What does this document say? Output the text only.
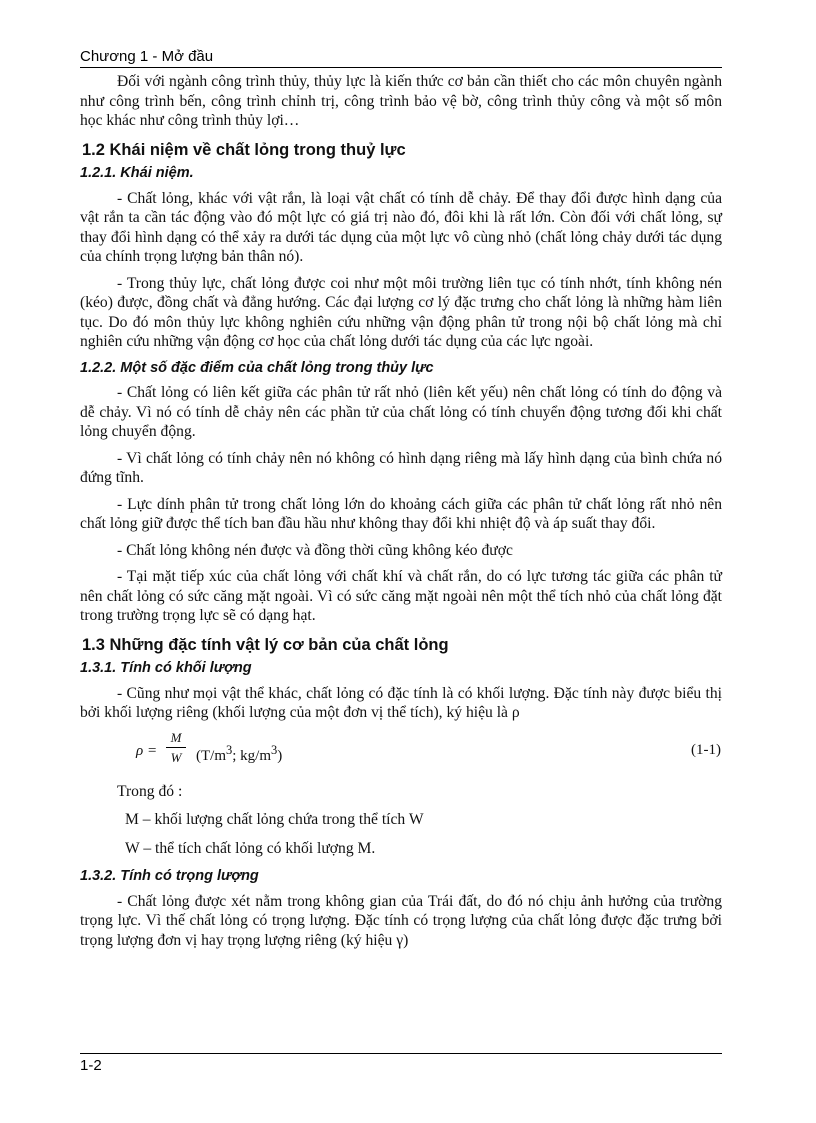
Chương 1 - Mở đầu

Đối với ngành công trình thủy, thủy lực là kiến thức cơ bản cần thiết cho các môn chuyên ngành như công trình bến, công trình chỉnh trị, công trình bảo vệ bờ, công trình thủy công và một số môn học khác như công trình thủy lợi…

1.2 Khái niệm về chất lỏng trong thuỷ lực
1.2.1. Khái niệm.

- Chất lỏng, khác với vật rắn, là loại vật chất có tính dễ chảy. Để thay đổi được hình dạng của vật rắn ta cần tác động vào đó một lực có giá trị nào đó, đôi khi là rất lớn. Còn đối với chất lỏng, sự thay đổi hình dạng có thể xảy ra dưới tác dụng của một lực vô cùng nhỏ (chất lỏng chảy dưới tác dụng của chính trọng lượng bản thân nó).

- Trong thủy lực, chất lỏng được coi như một môi trường liên tục có tính nhớt, tính không nén (kéo) được, đồng chất và đẳng hướng. Các đại lượng cơ lý đặc trưng cho chất lỏng là những hàm liên tục. Do đó môn thủy lực không nghiên cứu những vận động phân tử trong nội bộ chất lỏng mà chỉ nghiên cứu những vận động cơ học của chất lỏng dưới tác dụng của các lực ngoài.

1.2.2. Một số đặc điểm của chất lỏng trong thủy lực

- Chất lỏng có liên kết giữa các phân tử rất nhỏ (liên kết yếu) nên chất lỏng có tính do động và dễ chảy. Vì nó có tính dễ chảy nên các phần tử của chất lỏng có tính chuyển động tương đối khi chất lỏng chuyển động.

- Vì chất lỏng có tính chảy nên nó không có hình dạng riêng mà lấy hình dạng của bình chứa nó đứng tĩnh.

- Lực dính phân tử trong chất lỏng lớn do khoảng cách giữa các phân tử chất lỏng rất nhỏ nên chất lỏng giữ được thể tích ban đầu hầu như không thay đổi khi nhiệt độ và áp suất thay đổi.

- Chất lỏng không nén được và đồng thời cũng không kéo được

- Tại mặt tiếp xúc của chất lỏng với chất khí và chất rắn, do có lực tương tác giữa các phân tử nên chất lỏng có sức căng mặt ngoài. Vì có sức căng mặt ngoài nên một thể tích nhỏ của chất lỏng đặt trong trường trọng lực sẽ có dạng hạt.

1.3 Những đặc tính vật lý cơ bản của chất lỏng
1.3.1. Tính có khối lượng

- Cũng như mọi vật thể khác, chất lỏng có đặc tính là có khối lượng. Đặc tính này được biểu thị bởi khối lượng riêng (khối lượng của một đơn vị thể tích), ký hiệu là ρ

$\rho = \frac{M}{W} (T/m^3$; $kg/m^3$)	(1-1)

Trong đó :

M – khối lượng chất lỏng chứa trong thể tích W

W – thể tích chất lỏng có khối lượng M.

1.3.2. Tính có trọng lượng

- Chất lỏng được xét nằm trong không gian của Trái đất, do đó nó chịu ảnh hưởng của trường trọng lực. Vì thế chất lỏng có trọng lượng. Đặc tính có trọng lượng của chất lỏng được đặc trưng bởi trọng lượng đơn vị hay trọng lượng riêng (ký hiệu γ)

1-2
